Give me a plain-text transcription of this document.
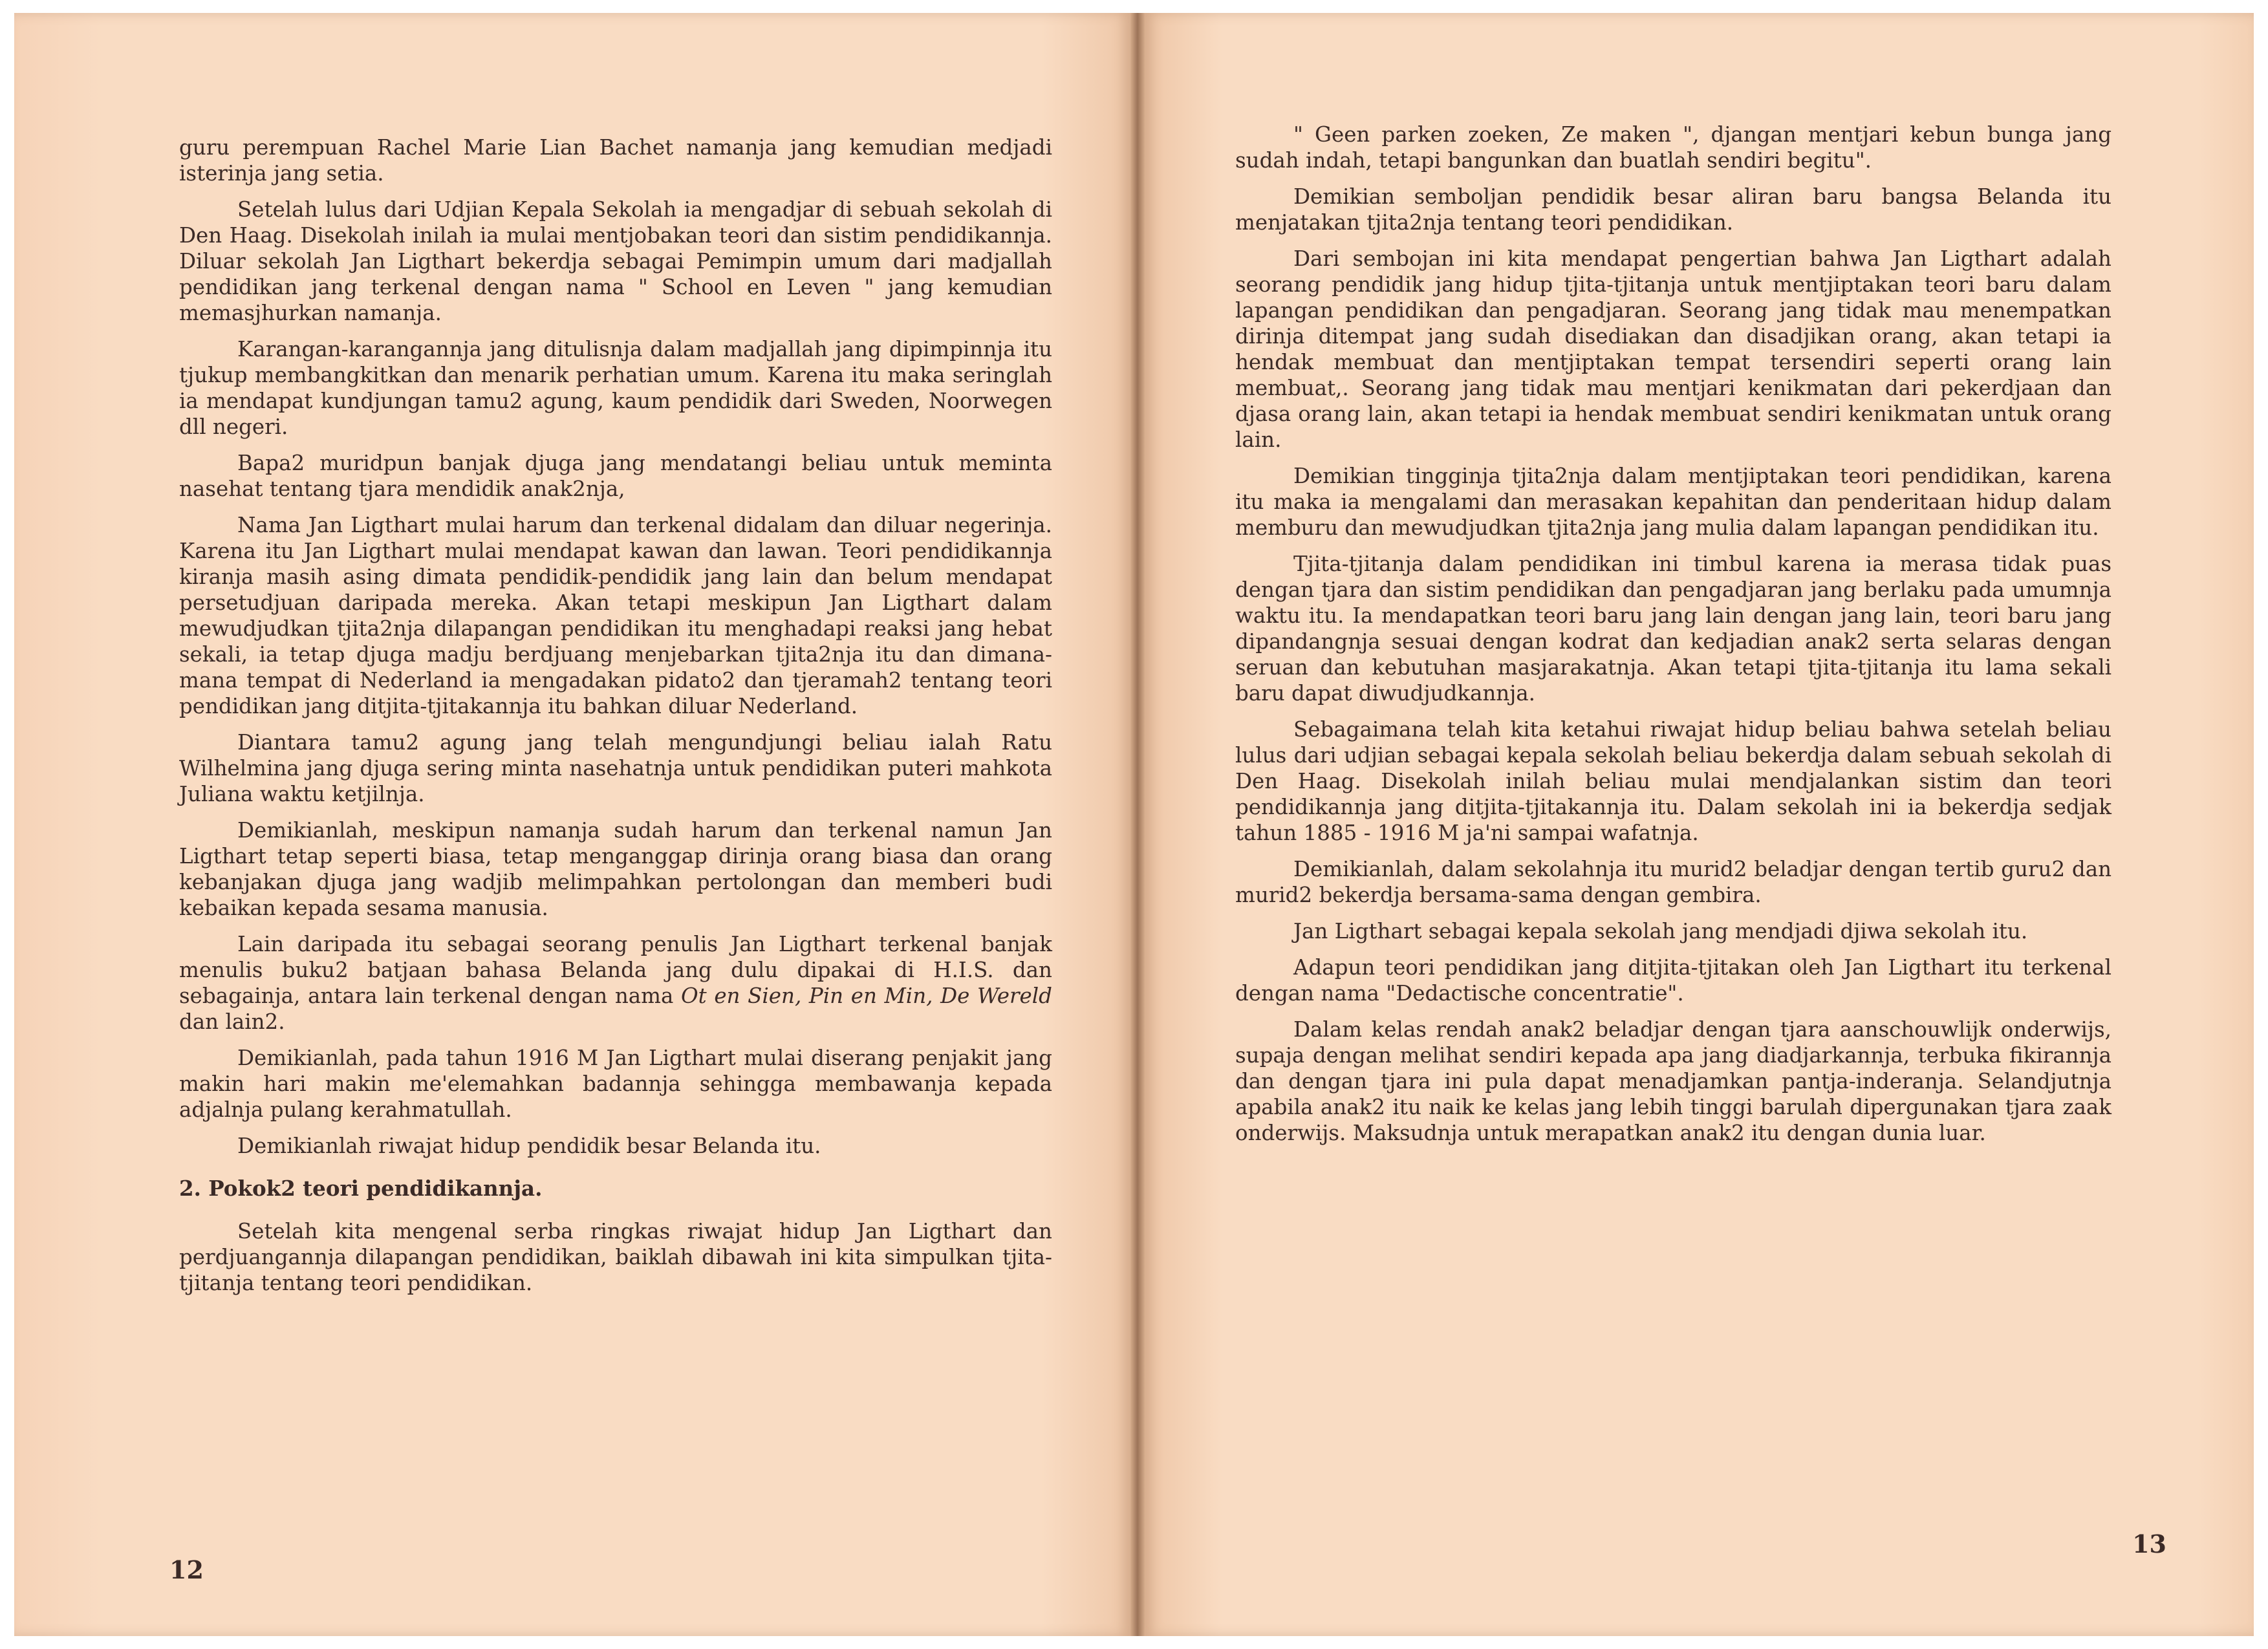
guru perempuan Rachel Marie Lian Bachet namanja jang kemudian medjadi isterinja jang setia.

Setelah lulus dari Udjian Kepala Sekolah ia mengadjar di sebuah sekolah di Den Haag. Disekolah inilah ia mulai mentjobakan teori dan sistim pendidikannja. Diluar sekolah Jan Ligthart bekerdja sebagai Pemimpin umum dari madjallah pendidikan jang terkenal dengan nama " School en Leven " jang kemudian memasjhurkan namanja.

Karangan-karangannja jang ditulisnja dalam madjallah jang dipimpinnja itu tjukup membangkitkan dan menarik perhatian umum. Karena itu maka seringlah ia mendapat kundjungan tamu2 agung, kaum pendidik dari Sweden, Noorwegen dll negeri.

Bapa2 muridpun banjak djuga jang mendatangi beliau untuk meminta nasehat tentang tjara mendidik anak2nja,

Nama Jan Ligthart mulai harum dan terkenal didalam dan diluar negerinja. Karena itu Jan Ligthart mulai mendapat kawan dan lawan. Teori pendidikannja kiranja masih asing dimata pendidik-pendidik jang lain dan belum mendapat persetudjuan daripada mereka. Akan tetapi meskipun Jan Ligthart dalam mewudjudkan tjita2nja dilapangan pendidikan itu menghadapi reaksi jang hebat sekali, ia tetap djuga madju berdjuang menjebarkan tjita2nja itu dan dimana-mana tempat di Nederland ia mengadakan pidato2 dan tjeramah2 tentang teori pendidikan jang ditjita-tjitakannja itu bahkan diluar Nederland.

Diantara tamu2 agung jang telah mengundjungi beliau ialah Ratu Wilhelmina jang djuga sering minta nasehatnja untuk pendidikan puteri mahkota Juliana waktu ketjilnja.

Demikianlah, meskipun namanja sudah harum dan terkenal namun Jan Ligthart tetap seperti biasa, tetap menganggap dirinja orang biasa dan orang kebanjakan djuga jang wadjib melimpahkan pertolongan dan memberi budi kebaikan kepada sesama manusia.

Lain daripada itu sebagai seorang penulis Jan Ligthart terkenal banjak menulis buku2 batjaan bahasa Belanda jang dulu dipakai di H.I.S. dan sebagainja, antara lain terkenal dengan nama Ot en Sien, Pin en Min, De Wereld dan lain2.

Demikianlah, pada tahun 1916 M Jan Ligthart mulai diserang penjakit jang makin hari makin me'elemahkan badannja sehingga membawanja kepada adjalnja pulang kerahmatullah.

Demikianlah riwajat hidup pendidik besar Belanda itu.

2. Pokok2 teori pendidikannja.

Setelah kita mengenal serba ringkas riwajat hidup Jan Ligthart dan perdjuangannja dilapangan pendidikan, baiklah dibawah ini kita simpulkan tjita-tjitanja tentang teori pendidikan.

12

" Geen parken zoeken, Ze maken ", djangan mentjari kebun bunga jang sudah indah, tetapi bangunkan dan buatlah sendiri begitu".

Demikian semboljan pendidik besar aliran baru bangsa Belanda itu menjatakan tjita2nja tentang teori pendidikan.

Dari sembojan ini kita mendapat pengertian bahwa Jan Ligthart adalah seorang pendidik jang hidup tjita-tjitanja untuk mentjiptakan teori baru dalam lapangan pendidikan dan pengadjaran. Seorang jang tidak mau menempatkan dirinja ditempat jang sudah disediakan dan disadjikan orang, akan tetapi ia hendak membuat dan mentjiptakan tempat tersendiri seperti orang lain membuat,. Seorang jang tidak mau mentjari kenikmatan dari pekerdjaan dan djasa orang lain, akan tetapi ia hendak membuat sendiri kenikmatan untuk orang lain.

Demikian tingginja tjita2nja dalam mentjiptakan teori pendidikan, karena itu maka ia mengalami dan merasakan kepahitan dan penderitaan hidup dalam memburu dan mewudjudkan tjita2nja jang mulia dalam lapangan pendidikan itu.

Tjita-tjitanja dalam pendidikan ini timbul karena ia merasa tidak puas dengan tjara dan sistim pendidikan dan pengadjaran jang berlaku pada umumnja waktu itu. Ia mendapatkan teori baru jang lain dengan jang lain, teori baru jang dipandangnja sesuai dengan kodrat dan kedjadian anak2 serta selaras dengan seruan dan kebutuhan masjarakatnja. Akan tetapi tjita-tjitanja itu lama sekali baru dapat diwudjudkannja.

Sebagaimana telah kita ketahui riwajat hidup beliau bahwa setelah beliau lulus dari udjian sebagai kepala sekolah beliau bekerdja dalam sebuah sekolah di Den Haag. Disekolah inilah beliau mulai mendjalankan sistim dan teori pendidikannja jang ditjita-tjitakannja itu. Dalam sekolah ini ia bekerdja sedjak tahun 1885 - 1916 M ja'ni sampai wafatnja.

Demikianlah, dalam sekolahnja itu murid2 beladjar dengan tertib guru2 dan murid2 bekerdja bersama-sama dengan gembira.

Jan Ligthart sebagai kepala sekolah jang mendjadi djiwa sekolah itu.

Adapun teori pendidikan jang ditjita-tjitakan oleh Jan Ligthart itu terkenal dengan nama "Dedactische concentratie".

Dalam kelas rendah anak2 beladjar dengan tjara aanschouwlijk onderwijs, supaja dengan melihat sendiri kepada apa jang diadjarkannja, terbuka fikirannja dan dengan tjara ini pula dapat menadjamkan pantja-inderanja. Selandjutnja apabila anak2 itu naik ke kelas jang lebih tinggi barulah dipergunakan tjara zaak onderwijs. Maksudnja untuk merapatkan anak2 itu dengan dunia luar.

13
